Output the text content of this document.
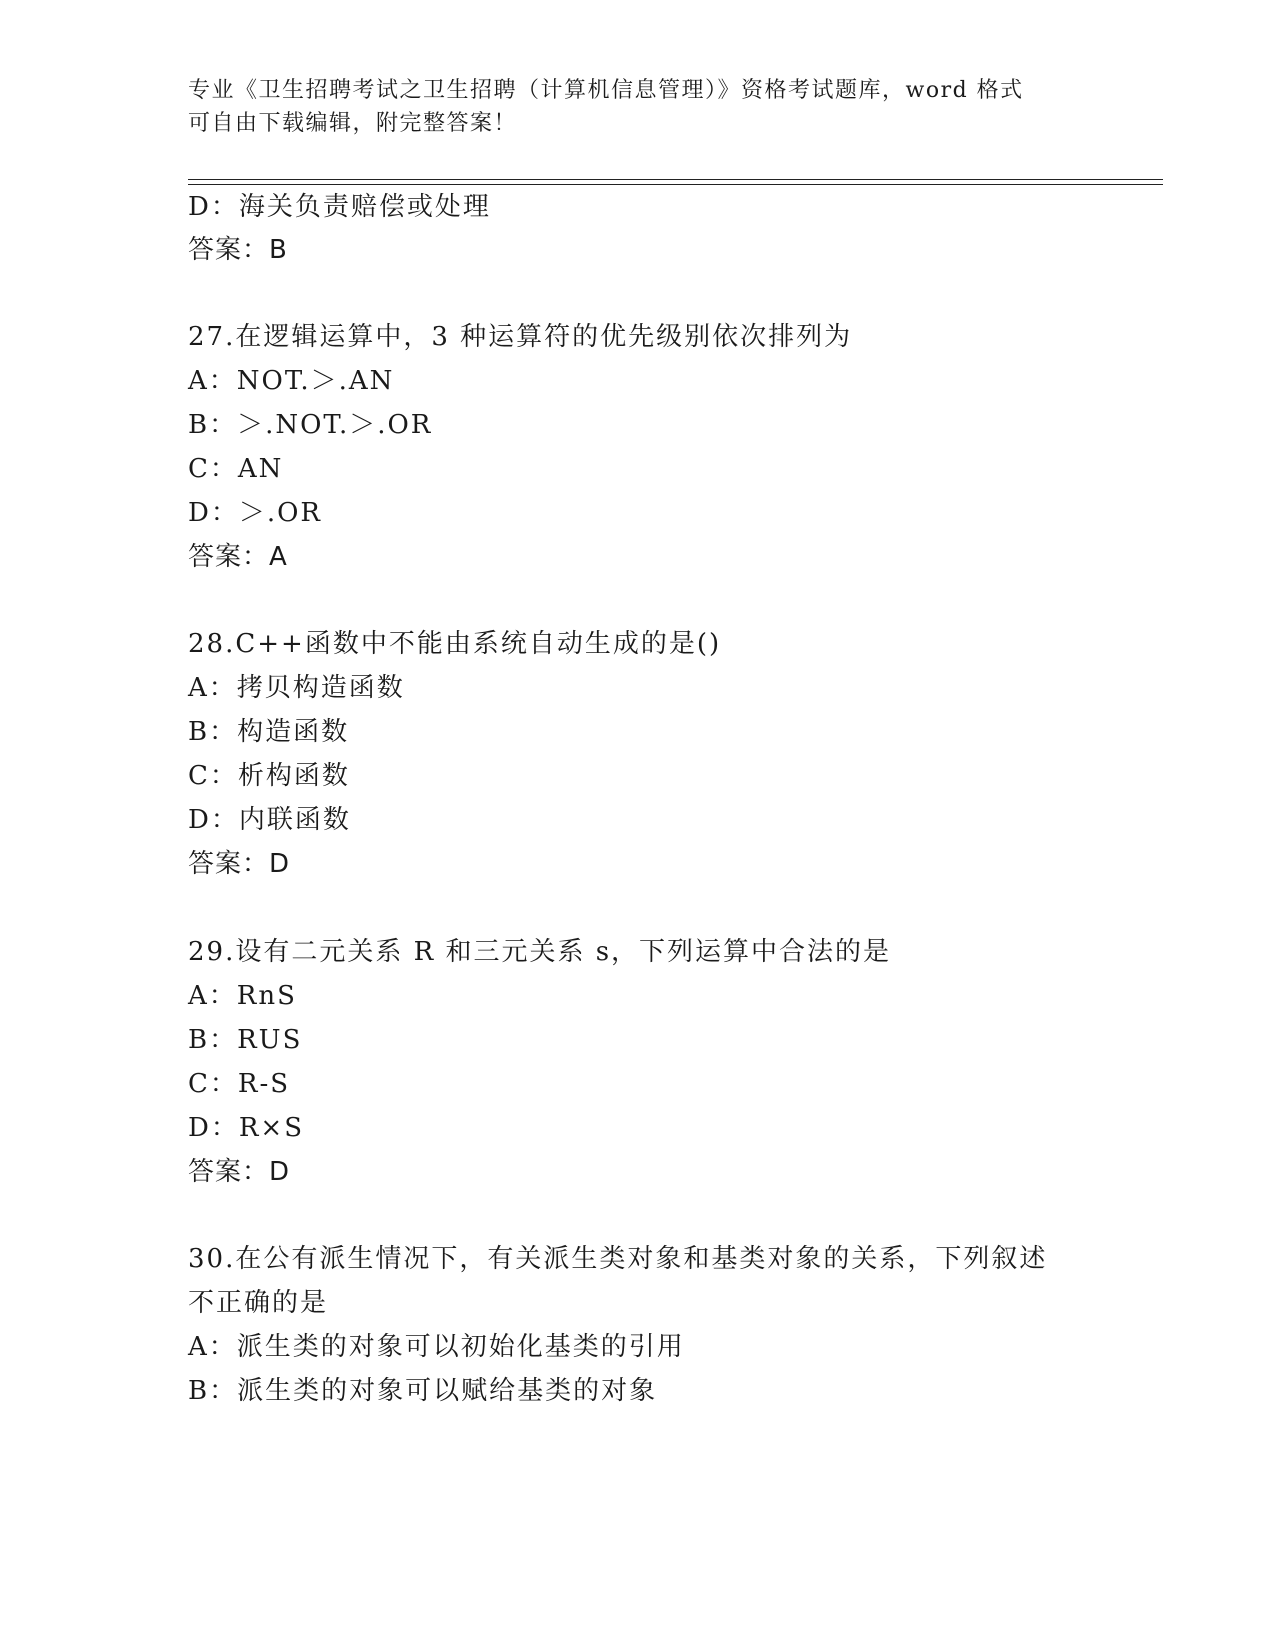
专业《卫生招聘考试之卫生招聘（计算机信息管理）》资格考试题库，word 格式
可自由下载编辑，附完整答案！
D：海关负责赔偿或处理
答案：B
27.在逻辑运算中，3 种运算符的优先级别依次排列为
A：NOT.＞.AN
B：＞.NOT.＞.OR
C：AN
D：＞.OR
答案：A
28.C++函数中不能由系统自动生成的是()
A：拷贝构造函数
B：构造函数
C：析构函数
D：内联函数
答案：D
29.设有二元关系 R 和三元关系 s，下列运算中合法的是
A：RnS
B：RUS
C：R-S
D：R×S
答案：D
30.在公有派生情况下，有关派生类对象和基类对象的关系，下列叙述
不正确的是
A：派生类的对象可以初始化基类的引用
B：派生类的对象可以赋给基类的对象
